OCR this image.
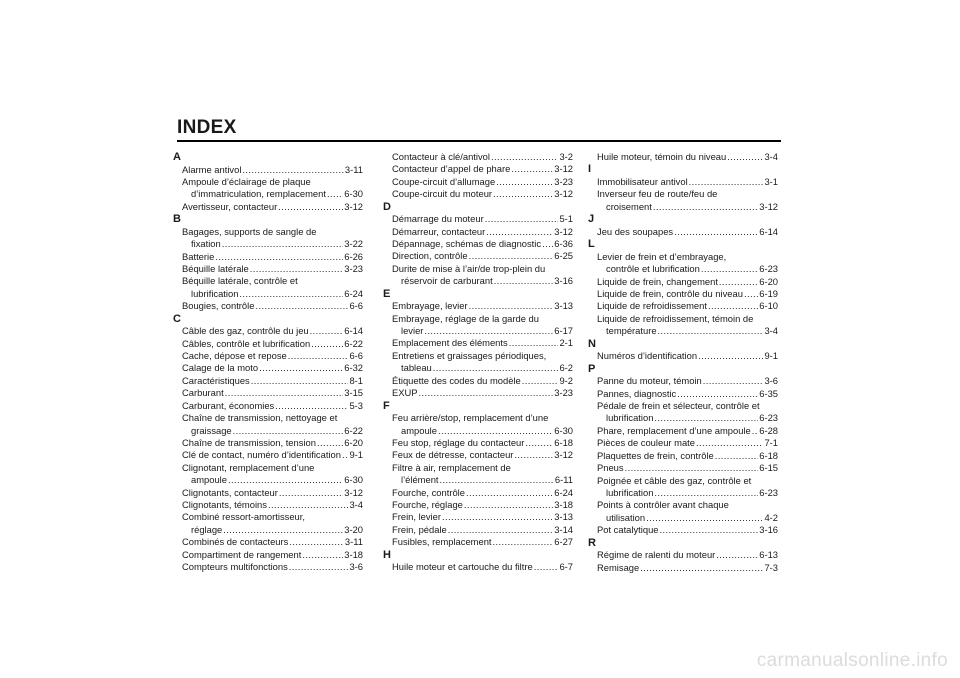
INDEX
A
Alarme antivol .....	3-11
Ampoule d’éclairage de plaque
d’immatriculation, remplacement ..... 6-30
Avertisseur, contacteur .....	3-12
B
Bagages, supports de sangle de
fixation .....	3-22
Batterie .....	6-26
Béquille latérale .....	3-23
Béquille latérale, contrôle et
lubrification .....	6-24
Bougies, contrôle .....	6-6
C
Câble des gaz, contrôle du jeu .....	6-14
Câbles, contrôle et lubrification .....	6-22
Cache, dépose et repose .....	6-6
Calage de la moto .....	6-32
Caractéristiques .....	8-1
Carburant .....	3-15
Carburant, économies .....	5-3
Chaîne de transmission, nettoyage et
graissage .....	6-22
Chaîne de transmission, tension .....	6-20
Clé de contact, numéro d’identification ..... 9-1
Clignotant, remplacement d’une
ampoule .....	6-30
Clignotants, contacteur .....	3-12
Clignotants, témoins .....	3-4
Combiné ressort-amortisseur,
réglage .....	3-20
Combinés de contacteurs .....	3-11
Compartiment de rangement .....	3-18
Compteurs multifonctions .....	3-6
Contacteur à clé/antivol .....	3-2
Contacteur d’appel de phare .....	3-12
Coupe-circuit d’allumage .....	3-23
Coupe-circuit du moteur .....	3-12
D
Démarrage du moteur .....	5-1
Démarreur, contacteur .....	3-12
Dépannage, schémas de diagnostic ..... 6-36
Direction, contrôle .....	6-25
Durite de mise à l’air/de trop-plein du
réservoir de carburant .....	3-16
E
Embrayage, levier .....	3-13
Embrayage, réglage de la garde du
levier .....	6-17
Emplacement des éléments .....	2-1
Entretiens et graissages périodiques,
tableau .....	6-2
Étiquette des codes du modèle .....	9-2
EXUP .....	3-23
F
Feu arrière/stop, remplacement d’une
ampoule .....	6-30
Feu stop, réglage du contacteur .....	6-18
Feux de détresse, contacteur .....	3-12
Filtre à air, remplacement de
l’élément .....	6-11
Fourche, contrôle .....	6-24
Fourche, réglage .....	3-18
Frein, levier .....	3-13
Frein, pédale .....	3-14
Fusibles, remplacement .....	6-27
H
Huile moteur et cartouche du filtre .....	6-7
Huile moteur, témoin du niveau .....	3-4
I
Immobilisateur antivol .....	3-1
Inverseur feu de route/feu de
croisement .....	3-12
J
Jeu des soupapes .....	6-14
L
Levier de frein et d’embrayage,
contrôle et lubrification .....	6-23
Liquide de frein, changement .....	6-20
Liquide de frein, contrôle du niveau ..... 6-19
Liquide de refroidissement .....	6-10
Liquide de refroidissement, témoin de
température .....	3-4
N
Numéros d’identification .....	9-1
P
Panne du moteur, témoin .....	3-6
Pannes, diagnostic .....	6-35
Pédale de frein et sélecteur, contrôle et
lubrification .....	6-23
Phare, remplacement d’une ampoule ..... 6-28
Pièces de couleur mate .....	7-1
Plaquettes de frein, contrôle .....	6-18
Pneus .....	6-15
Poignée et câble des gaz, contrôle et
lubrification .....	6-23
Points à contrôler avant chaque
utilisation .....	4-2
Pot catalytique .....	3-16
R
Régime de ralenti du moteur .....	6-13
Remisage .....	7-3
carmanualsonline.info
